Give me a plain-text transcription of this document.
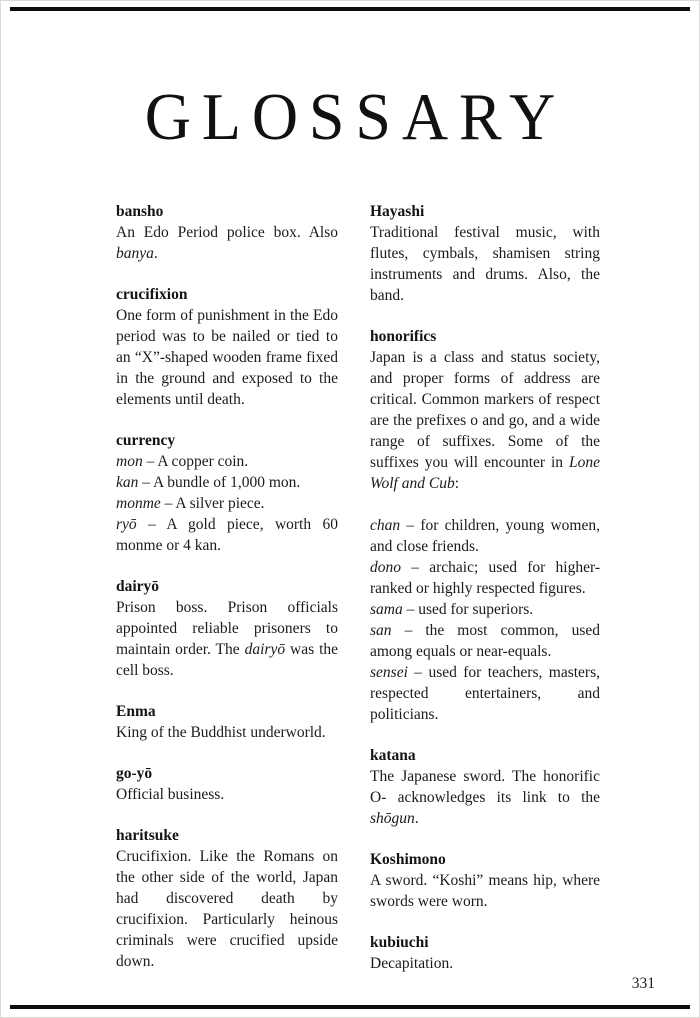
GLOSSARY
bansho

An Edo Period police box. Also banya.

crucifixion

One form of punishment in the Edo period was to be nailed or tied to an “X”-shaped wooden frame fixed in the ground and exposed to the elements until death.

currency

mon – A copper coin.

kan – A bundle of 1,000 mon.

monme – A silver piece.

ryō – A gold piece, worth 60 monme or 4 kan.

dairyō

Prison boss. Prison officials appointed reliable prisoners to maintain order. The dairyō was the cell boss.

Enma

King of the Buddhist underworld.

go-yō

Official business.

haritsuke

Crucifixion. Like the Romans on the other side of the world, Japan had discovered death by crucifixion. Particularly heinous criminals were crucified upside down.

Hayashi

Traditional festival music, with flutes, cymbals, shamisen string instruments and drums. Also, the band.

honorifics

Japan is a class and status society, and proper forms of address are critical. Common markers of respect are the prefixes o and go, and a wide range of suffixes. Some of the suffixes you will encounter in Lone Wolf and Cub:

chan – for children, young women, and close friends.

dono – archaic; used for higher-ranked or highly respected figures.

sama – used for superiors.

san – the most common, used among equals or near-equals.

sensei – used for teachers, masters, respected entertainers, and politicians.

katana

The Japanese sword. The honorific O- acknowledges its link to the shōgun.

Koshimono

A sword. “Koshi” means hip, where swords were worn.

kubiuchi

Decapitation.

331
